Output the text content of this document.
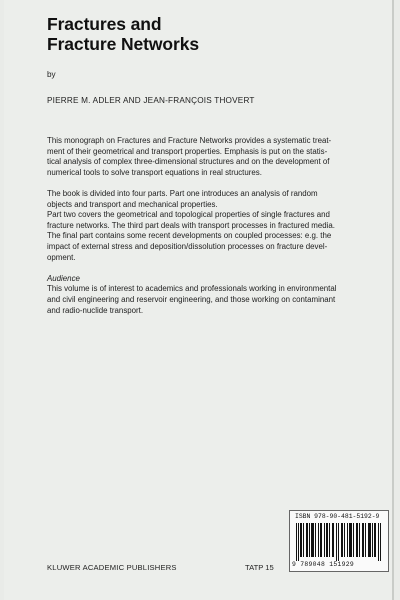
Fractures and
Fracture Networks
by
PIERRE M. ADLER AND JEAN-FRANÇOIS THOVERT

This monograph on Fractures and Fracture Networks provides a systematic treat-
ment of their geometrical and transport properties. Emphasis is put on the statis-
tical analysis of complex three-dimensional structures and on the development of
numerical tools to solve transport equations in real structures.

The book is divided into four parts. Part one introduces an analysis of random
objects and transport and mechanical properties.
Part two covers the geometrical and topological properties of single fractures and
fracture networks. The third part deals with transport processes in fractured media.
The final part contains some recent developments on coupled processes: e.g. the
impact of external stress and deposition/dissolution processes on fracture devel-
opment.

Audience

This volume is of interest to academics and professionals working in environmental
and civil engineering and reservoir engineering, and those working on contaminant
and radio-nuclide transport.

ISBN 978-90-481-5192-9
9 789048 151929
KLUWER ACADEMIC PUBLISHERS	TATP 15
